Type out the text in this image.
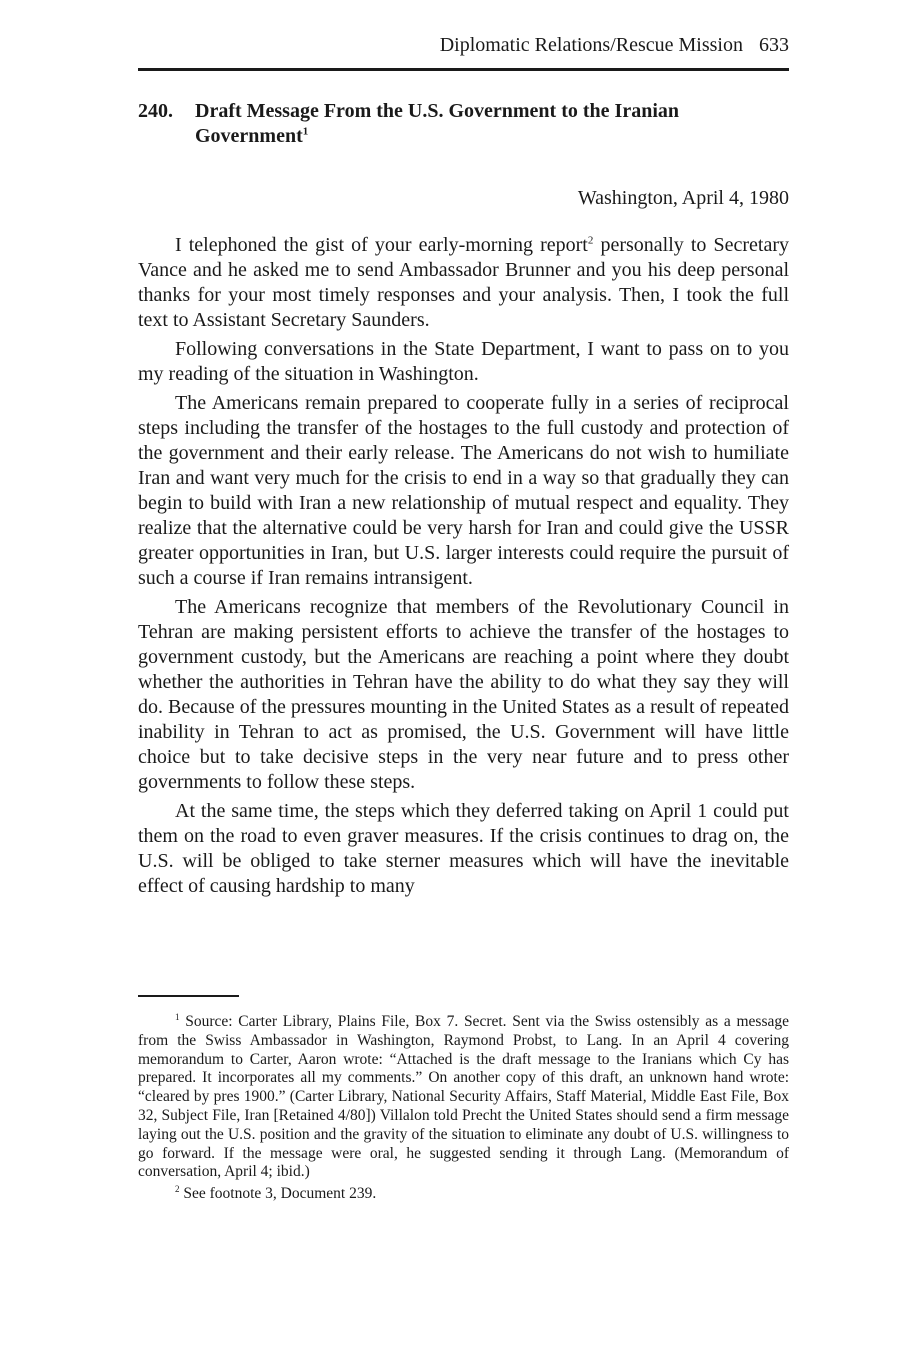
Diplomatic Relations/Rescue Mission 633
240. Draft Message From the U.S. Government to the Iranian Government$^1$
Washington, April 4, 1980

I telephoned the gist of your early-morning report$^2$ personally to Secretary Vance and he asked me to send Ambassador Brunner and you his deep personal thanks for your most timely responses and your analysis. Then, I took the full text to Assistant Secretary Saunders.

Following conversations in the State Department, I want to pass on to you my reading of the situation in Washington.

The Americans remain prepared to cooperate fully in a series of reciprocal steps including the transfer of the hostages to the full custody and protection of the government and their early release. The Americans do not wish to humiliate Iran and want very much for the crisis to end in a way so that gradually they can begin to build with Iran a new relationship of mutual respect and equality. They realize that the alternative could be very harsh for Iran and could give the USSR greater opportunities in Iran, but U.S. larger interests could require the pursuit of such a course if Iran remains intransigent.

The Americans recognize that members of the Revolutionary Council in Tehran are making persistent efforts to achieve the transfer of the hostages to government custody, but the Americans are reaching a point where they doubt whether the authorities in Tehran have the ability to do what they say they will do. Because of the pressures mounting in the United States as a result of repeated inability in Tehran to act as promised, the U.S. Government will have little choice but to take decisive steps in the very near future and to press other governments to follow these steps.

At the same time, the steps which they deferred taking on April 1 could put them on the road to even graver measures. If the crisis continues to drag on, the U.S. will be obliged to take sterner measures which will have the inevitable effect of causing hardship to many

$^1$ Source: Carter Library, Plains File, Box 7. Secret. Sent via the Swiss ostensibly as a message from the Swiss Ambassador in Washington, Raymond Probst, to Lang. In an April 4 covering memorandum to Carter, Aaron wrote: “Attached is the draft message to the Iranians which Cy has prepared. It incorporates all my comments.” On another copy of this draft, an unknown hand wrote: “cleared by pres 1900.” (Carter Library, National Security Affairs, Staff Material, Middle East File, Box 32, Subject File, Iran [Retained 4/80]) Villalon told Precht the United States should send a firm message laying out the U.S. position and the gravity of the situation to eliminate any doubt of U.S. willingness to go forward. If the message were oral, he suggested sending it through Lang. (Memorandum of conversation, April 4; ibid.)

$^2$ See footnote 3, Document 239.
